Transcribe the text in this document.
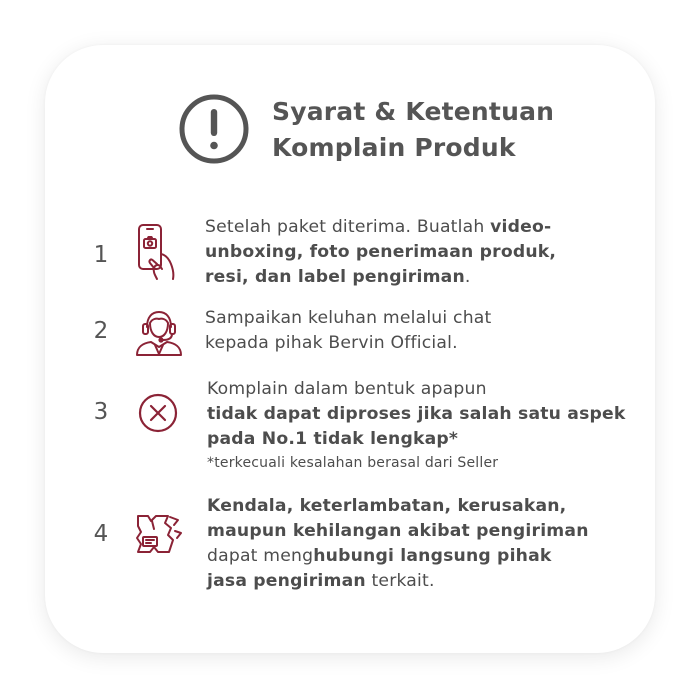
Syarat & Ketentuan
Komplain Produk
1
Setelah paket diterima. Buatlah video-
unboxing, foto penerimaan produk,
resi, dan label pengiriman.
2	Sampaikan keluhan melalui chat
kepada pihak Bervin Official.
3
Komplain dalam bentuk apapun
tidak dapat diproses jika salah satu aspek
pada No.1 tidak lengkap*
*terkecuali kesalahan berasal dari Seller
4
Kendala, keterlambatan, kerusakan,
maupun kehilangan akibat pengiriman
dapat menghubungi langsung pihak
jasa pengiriman terkait.
